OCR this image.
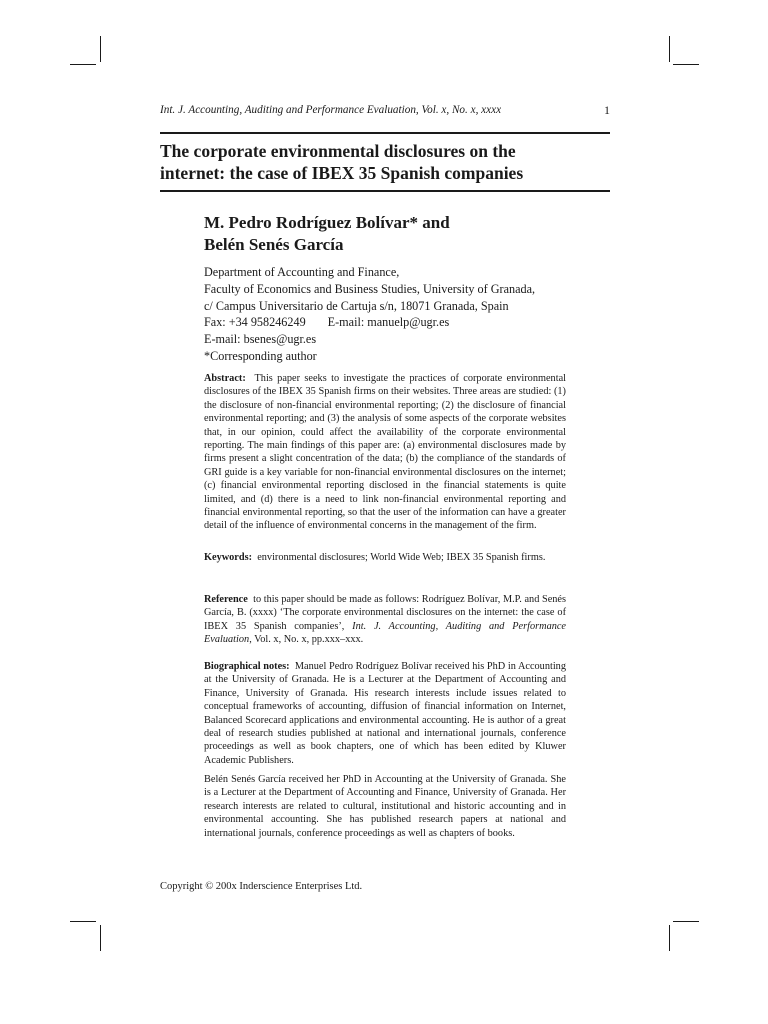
Int. J. Accounting, Auditing and Performance Evaluation, Vol. x, No. x, xxxx	1
The corporate environmental disclosures on the
internet: the case of IBEX 35 Spanish companies
M. Pedro Rodríguez Bolívar* and
Belén Senés García
Department of Accounting and Finance,
Faculty of Economics and Business Studies, University of Granada,
c/ Campus Universitario de Cartuja s/n, 18071 Granada, Spain
Fax: +34 958246249 E-mail: manuelp@ugr.es
E-mail: bsenes@ugr.es
*Corresponding author
Abstract: This paper seeks to investigate the practices of corporate environmental disclosures of the IBEX 35 Spanish firms on their websites. Three areas are studied: (1) the disclosure of non-financial environmental reporting; (2) the disclosure of financial environmental reporting; and (3) the analysis of some aspects of the corporate websites that, in our opinion, could affect the availability of the corporate environmental reporting. The main findings of this paper are: (a) environmental disclosures made by firms present a slight concentration of the data; (b) the compliance of the standards of GRI guide is a key variable for non-financial environmental disclosures on the internet; (c) financial environmental reporting disclosed in the financial statements is quite limited, and (d) there is a need to link non-financial environmental reporting and financial environmental reporting, so that the user of the information can have a greater detail of the influence of environmental concerns in the management of the firm.
Keywords: environmental disclosures; World Wide Web; IBEX 35 Spanish firms.
Reference to this paper should be made as follows: Rodríguez Bolívar, M.P. and Senés García, B. (xxxx) ‘The corporate environmental disclosures on the internet: the case of IBEX 35 Spanish companies’, Int. J. Accounting, Auditing and Performance Evaluation, Vol. x, No. x, pp.xxx–xxx.
Biographical notes: Manuel Pedro Rodríguez Bolívar received his PhD in Accounting at the University of Granada. He is a Lecturer at the Department of Accounting and Finance, University of Granada. His research interests include issues related to conceptual frameworks of accounting, diffusion of financial information on Internet, Balanced Scorecard applications and environmental accounting. He is author of a great deal of research studies published at national and international journals, conference proceedings as well as book chapters, one of which has been edited by Kluwer Academic Publishers.
Belén Senés García received her PhD in Accounting at the University of Granada. She is a Lecturer at the Department of Accounting and Finance, University of Granada. Her research interests are related to cultural, institutional and historic accounting and in environmental accounting. She has published research papers at national and international journals, conference proceedings as well as chapters of books.
Copyright © 200x Inderscience Enterprises Ltd.
